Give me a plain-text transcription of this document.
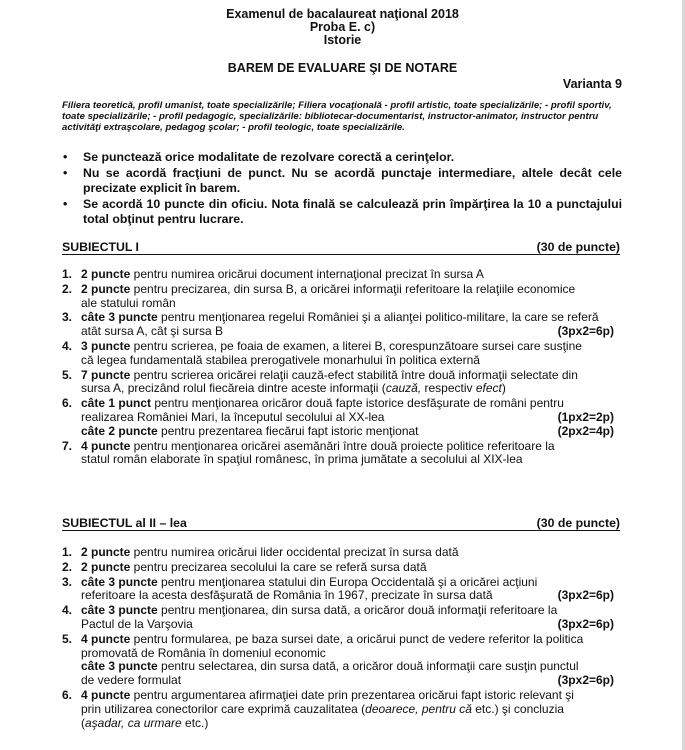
Examenul de bacalaureat naţional 2018
Proba E. c)
Istorie
BAREM DE EVALUARE ŞI DE NOTARE
Varianta 9
Filiera teoretică, profil umanist, toate specializările; Filiera vocaţională - profil artistic, toate specializările; - profil sportiv, toate specializările; - profil pedagogic, specializările: bibliotecar-documentarist, instructor-animator, instructor pentru activităţi extraşcolare, pedagog şcolar; - profil teologic, toate specializările.
• Se punctează orice modalitate de rezolvare corectă a cerinţelor.
• Nu se acordă fracţiuni de punct. Nu se acordă punctaje intermediare, altele decât cele precizate explicit în barem.
• Se acordă 10 puncte din oficiu. Nota finală se calculează prin împărţirea la 10 a punctajului total obţinut pentru lucrare.
SUBIECTUL I	(30 de puncte)
1. 2 puncte pentru numirea oricărui document internaţional precizat în sursa A
2. 2 puncte pentru precizarea, din sursa B, a oricărei informaţii referitoare la relaţiile economice
ale statului român
3. câte 3 puncte pentru menţionarea regelui României şi a alianţei politico-militare, la care se referă
atât sursa A, cât şi sursa B	(3px2=6p)
4. 3 puncte pentru scrierea, pe foaia de examen, a literei B, corespunzătoare sursei care susţine
că legea fundamentală stabilea prerogativele monarhului în politica externă
5. 7 puncte pentru scrierea oricărei relaţii cauză-efect stabilită între două informaţii selectate din
sursa A, precizând rolul fiecăreia dintre aceste informaţii (cauză, respectiv efect)
6. câte 1 punct pentru menţionarea oricăror două fapte istorice desfăşurate de români pentru
realizarea României Mari, la începutul secolului al XX-lea	(1px2=2p)
câte 2 puncte pentru prezentarea fiecărui fapt istoric menţionat	(2px2=4p)
7. 4 puncte pentru menţionarea oricărei asemănări între două proiecte politice referitoare la
statul român elaborate în spaţiul românesc, în prima jumătate a secolului al XIX-lea
SUBIECTUL al II – lea	(30 de puncte)
1. 2 puncte pentru numirea oricărui lider occidental precizat în sursa dată
2. 2 puncte pentru precizarea secolului la care se referă sursa dată
3. câte 3 puncte pentru menţionarea statului din Europa Occidentală şi a oricărei acţiuni
referitoare la acesta desfăşurată de România în 1967, precizate în sursa dată	(3px2=6p)
4. câte 3 puncte pentru menţionarea, din sursa dată, a oricăror două informaţii referitoare la
Pactul de la Varşovia	(3px2=6p)
5. 4 puncte pentru formularea, pe baza sursei date, a oricărui punct de vedere referitor la politica
promovată de România în domeniul economic
câte 3 puncte pentru selectarea, din sursa dată, a oricăror două informaţii care susţin punctul
de vedere formulat	(3px2=6p)
6. 4 puncte pentru argumentarea afirmaţiei date prin prezentarea oricărui fapt istoric relevant şi
prin utilizarea conectorilor care exprimă cauzalitatea (deoarece, pentru că etc.) şi concluzia
(aşadar, ca urmare etc.)
